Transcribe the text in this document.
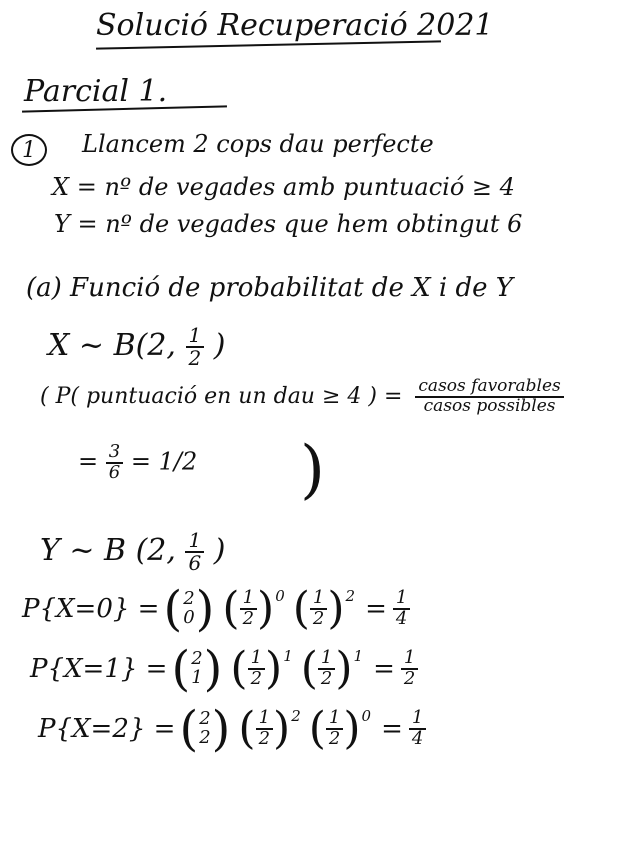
Solució Recuperació 2021
Parcial 1.
1 Llancem 2 cops dau perfecte
X = nº de vegades amb puntuació ≥ 4
Y = nº de vegades que hem obtingut 6
(a) Funció de probabilitat de X i de Y
X ~ B(2, $\frac{1}{2}$ )
( P( puntuació en un dau ≥ 4 ) = $\frac{\text{casos favorables}}{\text{casos possibles}}$
= $\frac{3}{6} = 1/2$ )
Y ~ B (2, $\frac{1}{6}$ )
P{X=0} = ( 2
0 ) ( $\frac{1}{2} )^0$ ( $\frac{1}{2} )^2 = \frac{1}{4}$
P{X=1} = ( 2
1 ) ( $\frac{1}{2} )^1$ ( $\frac{1}{2} )^1 = \frac{1}{2}$
P{X=2} = ( 2
2 ) ( $\frac{1}{2} )^2$ ( $\frac{1}{2} )^0 = \frac{1}{4}$
